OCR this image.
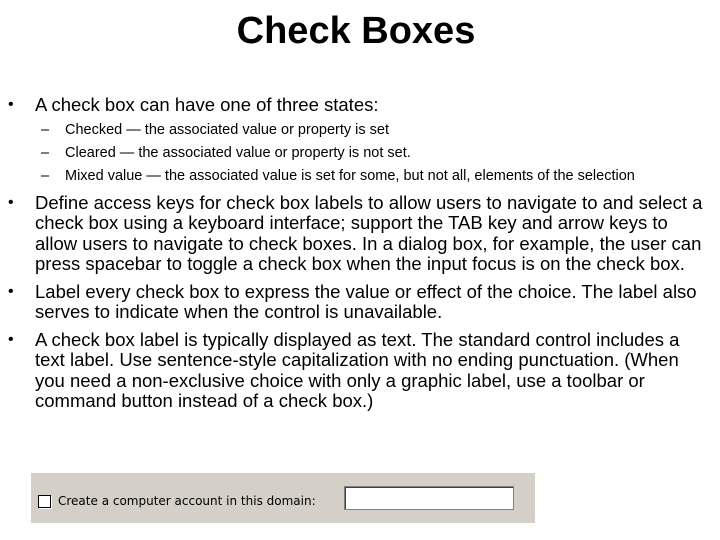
Check Boxes
• A check box can have one of three states:
– Checked — the associated value or property is set
– Cleared — the associated value or property is not set.
– Mixed value — the associated value is set for some, but not all, elements of the selection
• Define access keys for check box labels to allow users to navigate to and select a check box using a keyboard interface; support the TAB key and arrow keys to allow users to navigate to check boxes. In a dialog box, for example, the user can press spacebar to toggle a check box when the input focus is on the check box.
• Label every check box to express the value or effect of the choice. The label also serves to indicate when the control is unavailable.
• A check box label is typically displayed as text. The standard control includes a text label. Use sentence-style capitalization with no ending punctuation. (When you need a non-exclusive choice with only a graphic label, use a toolbar or command button instead of a check box.)
Create a computer account in this domain:
